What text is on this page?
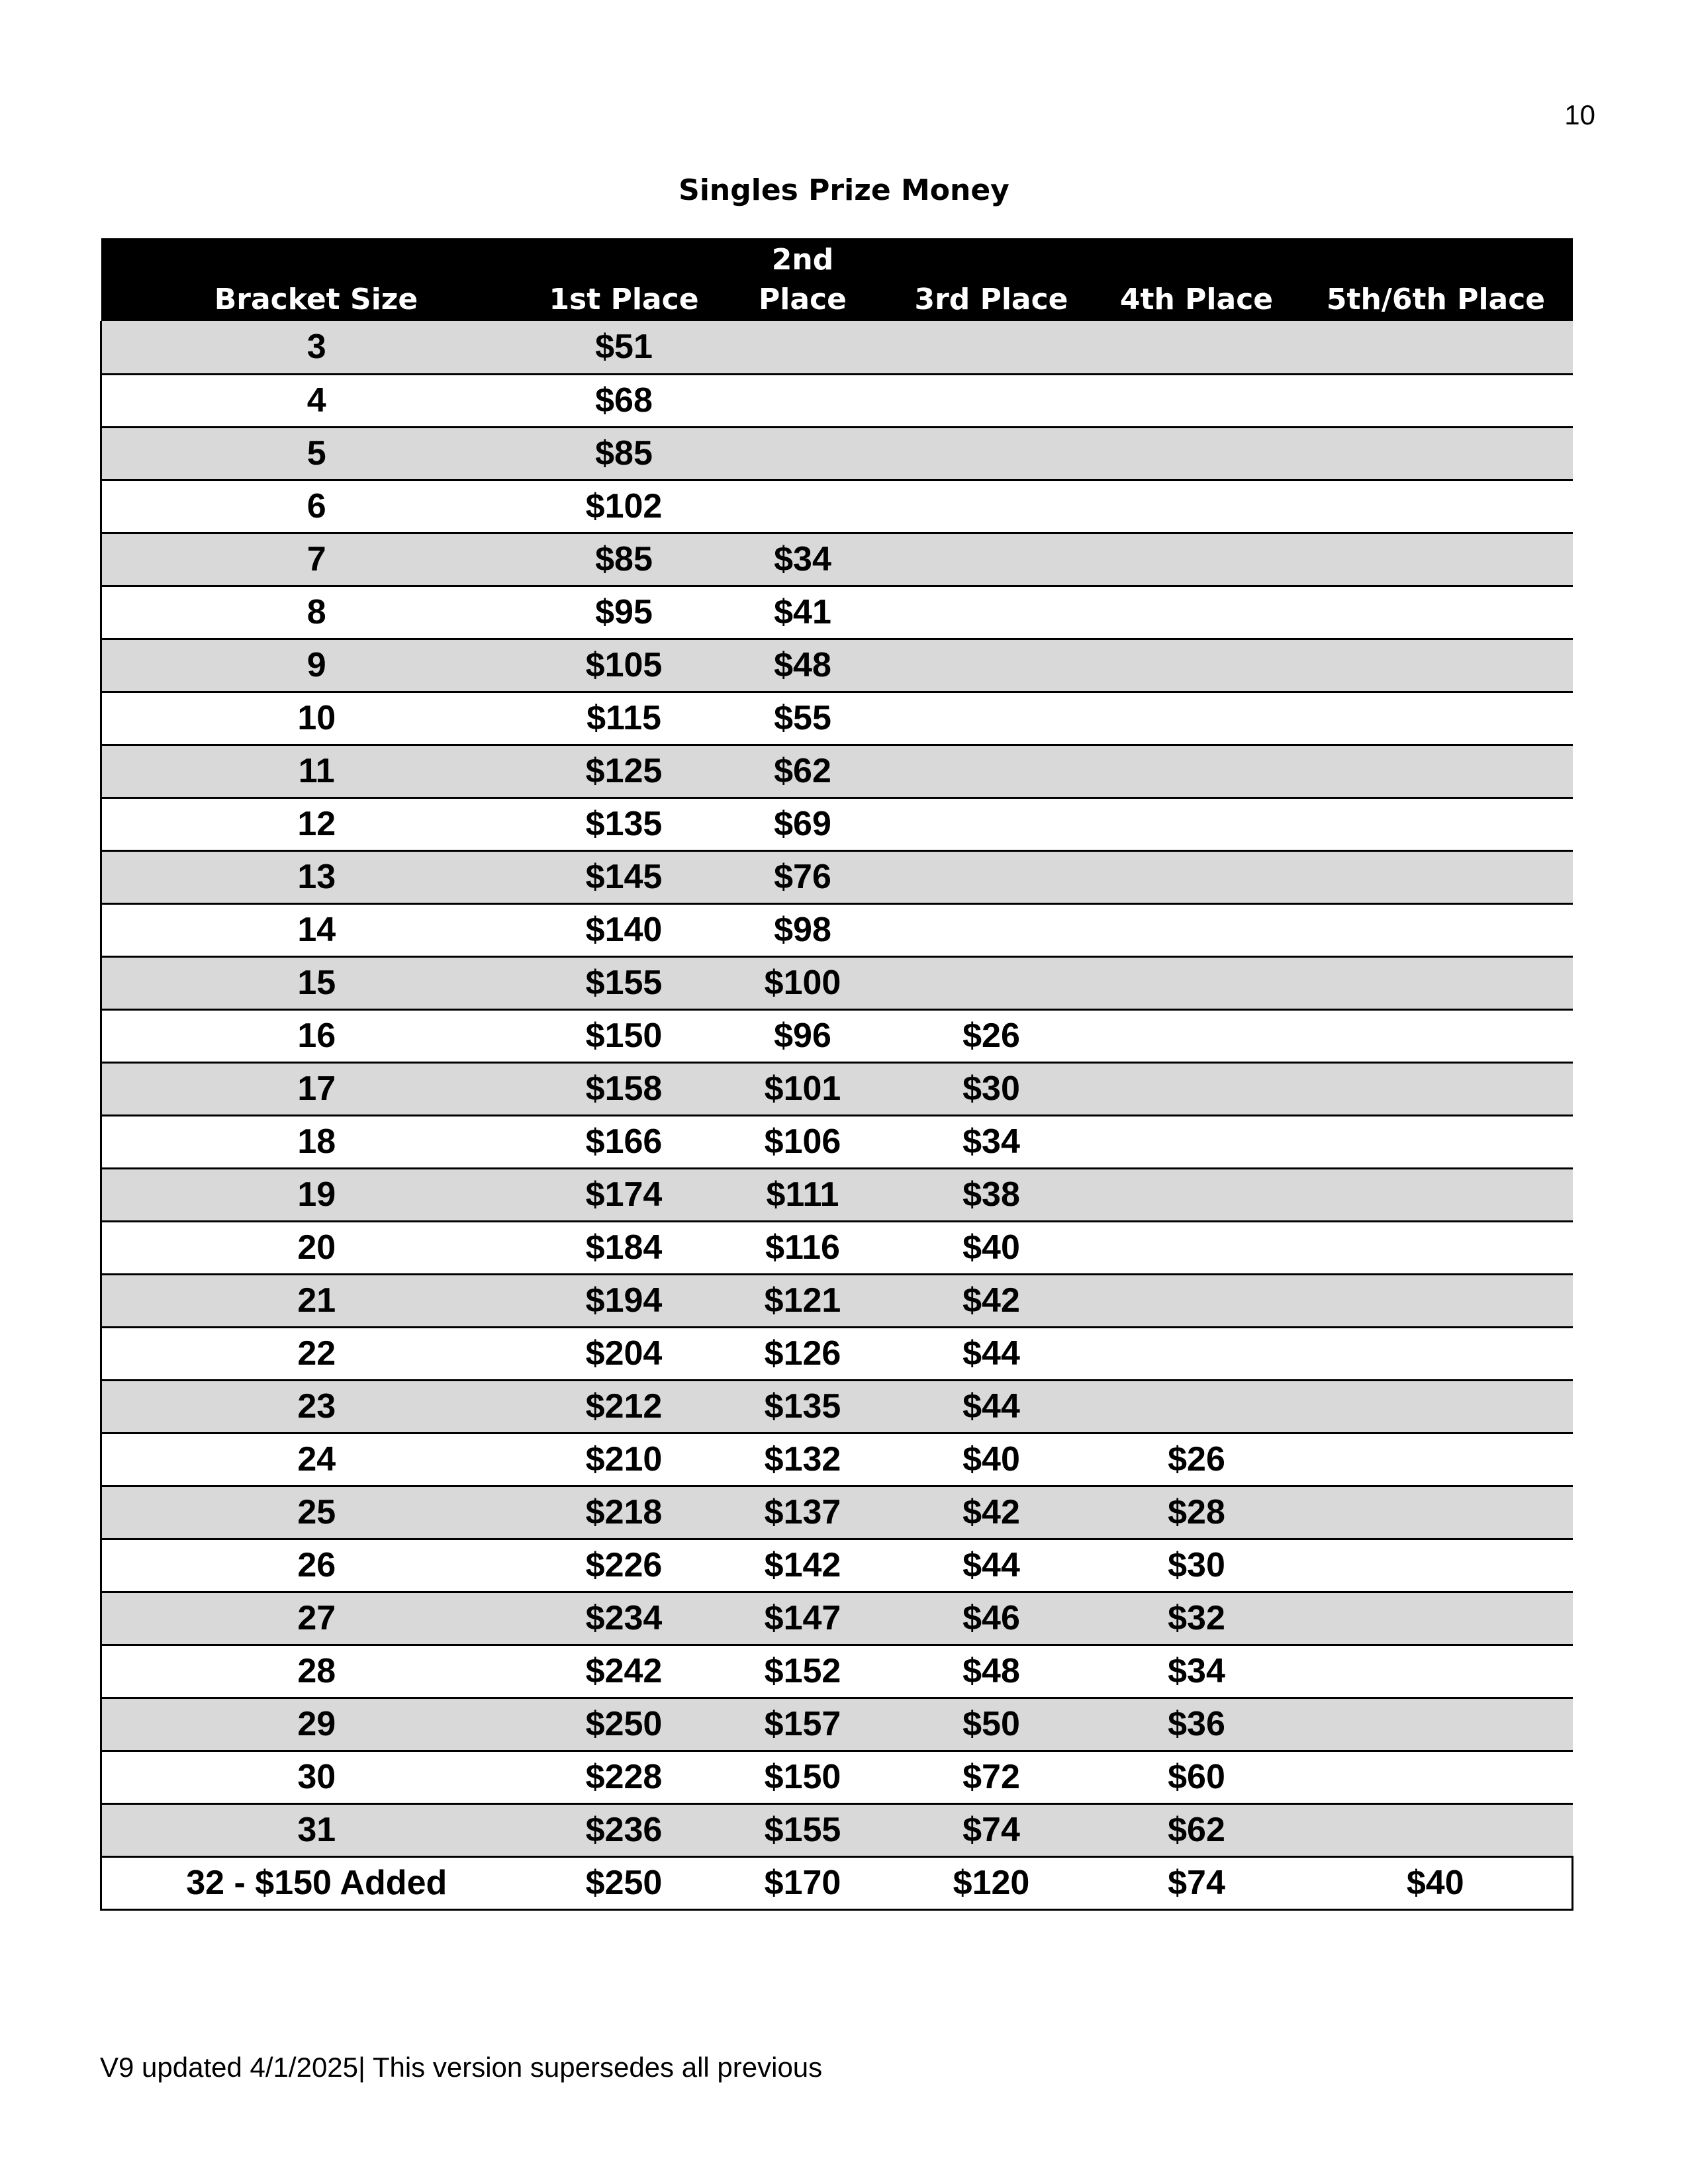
10
Singles Prize Money
Bracket Size	1st Place	2nd Place	3rd Place	4th Place	5th/6th Place
3	$51				
4	$68				
5	$85				
6	$102				
7	$85	$34			
8	$95	$41			
9	$105	$48			
10	$115	$55			
11	$125	$62			
12	$135	$69			
13	$145	$76			
14	$140	$98			
15	$155	$100			
16	$150	$96	$26		
17	$158	$101	$30		
18	$166	$106	$34		
19	$174	$111	$38		
20	$184	$116	$40		
21	$194	$121	$42		
22	$204	$126	$44		
23	$212	$135	$44		
24	$210	$132	$40	$26	
25	$218	$137	$42	$28	
26	$226	$142	$44	$30	
27	$234	$147	$46	$32	
28	$242	$152	$48	$34	
29	$250	$157	$50	$36	
30	$228	$150	$72	$60	
31	$236	$155	$74	$62	
32 - $150 Added	$250	$170	$120	$74	$40
V9 updated 4/1/2025| This version supersedes all previous
